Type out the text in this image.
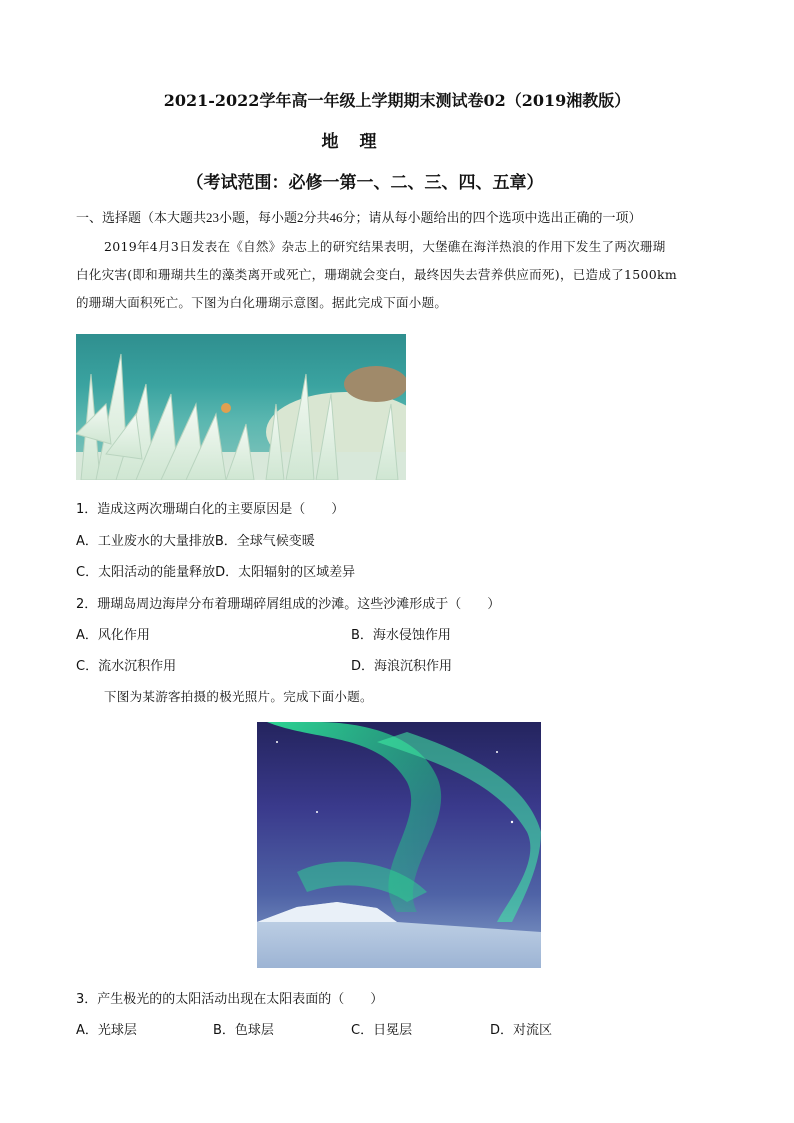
2021-2022学年高一年级上学期期末测试卷02（2019湘教版）
地　理
（考试范围：必修一第一、二、三、四、五章）
一、选择题（本大题共23小题，每小题2分共46分；请从每小题给出的四个选项中选出正确的一项）
2019年4月3日发表在《自然》杂志上的研究结果表明，大堡礁在海洋热浪的作用下发生了两次珊瑚
白化灾害(即和珊瑚共生的藻类离开或死亡，珊瑚就会变白，最终因失去营养供应而死)，已造成了1500km
的珊瑚大面积死亡。下图为白化珊瑚示意图。据此完成下面小题。
1．造成这两次珊瑚白化的主要原因是（　　）
A．工业废水的大量排放B．全球气候变暖
C．太阳活动的能量释放D．太阳辐射的区域差异
2．珊瑚岛周边海岸分布着珊瑚碎屑组成的沙滩。这些沙滩形成于（　　）
A．风化作用	B．海水侵蚀作用
C．流水沉积作用	D．海浪沉积作用
下图为某游客拍摄的极光照片。完成下面小题。
3．产生极光的的太阳活动出现在太阳表面的（　　）
A．光球层	B．色球层	C．日冕层	D．对流区
